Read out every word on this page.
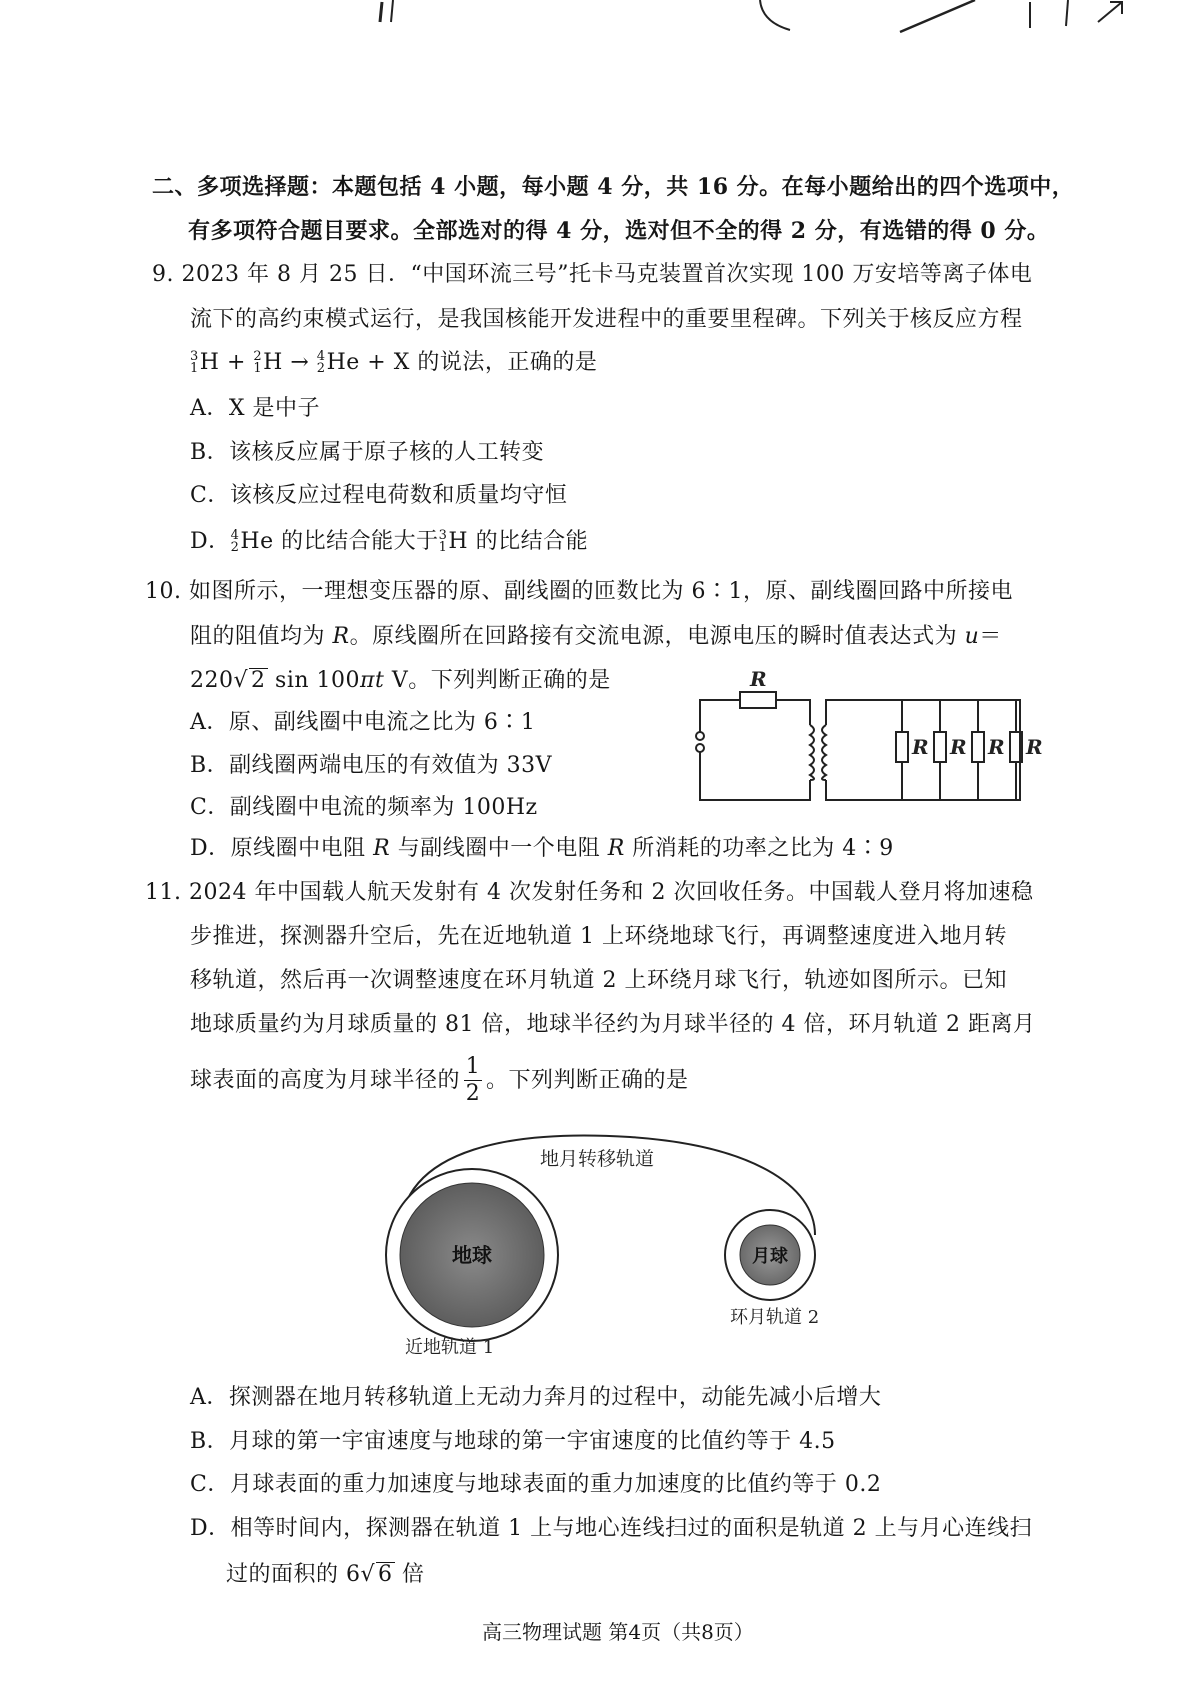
二、多项选择题：本题包括 4 小题，每小题 4 分，共 16 分。在每小题给出的四个选项中，
有多项符合题目要求。全部选对的得 4 分，选对但不全的得 2 分，有选错的得 0 分。
9. 2023 年 8 月 25 日．“中国环流三号”托卡马克装置首次实现 100 万安培等离子体电
流下的高约束模式运行，是我国核能开发进程中的重要里程碑。下列关于核反应方程
3
1 H + 2
1 H → 4
2 He + X 的说法，正确的是
A．X 是中子
B．该核反应属于原子核的人工转变
C．该核反应过程电荷数和质量均守恒
D． 4
2 He 的比结合能大于 3
1 H 的比结合能
10. 如图所示，一理想变压器的原、副线圈的匝数比为 6∶1，原、副线圈回路中所接电
阻的阻值均为 R。原线圈所在回路接有交流电源，电源电压的瞬时值表达式为 u＝
220√ 2 sin 100πt V。下列判断正确的是
A．原、副线圈中电流之比为 6∶1
B．副线圈两端电压的有效值为 33V
C．副线圈中电流的频率为 100Hz
D．原线圈中电阻 R 与副线圈中一个电阻 R 所消耗的功率之比为 4∶9
R
R R R R
11. 2024 年中国载人航天发射有 4 次发射任务和 2 次回收任务。中国载人登月将加速稳
步推进，探测器升空后，先在近地轨道 1 上环绕地球飞行，再调整速度进入地月转
移轨道，然后再一次调整速度在环月轨道 2 上环绕月球飞行，轨迹如图所示。已知
地球质量约为月球质量的 81 倍，地球半径约为月球半径的 4 倍，环月轨道 2 距离月
球表面的高度为月球半径的 $\frac{1}{2}$ 。下列判断正确的是
地球	月球
地月转移轨道
近地轨道 1
环月轨道 2
A．探测器在地月转移轨道上无动力奔月的过程中，动能先减小后增大
B．月球的第一宇宙速度与地球的第一宇宙速度的比值约等于 4.5
C．月球表面的重力加速度与地球表面的重力加速度的比值约等于 0.2
D．相等时间内，探测器在轨道 1 上与地心连线扫过的面积是轨道 2 上与月心连线扫
过的面积的 6√ 6 倍
高三物理试题 第4页（共8页）
